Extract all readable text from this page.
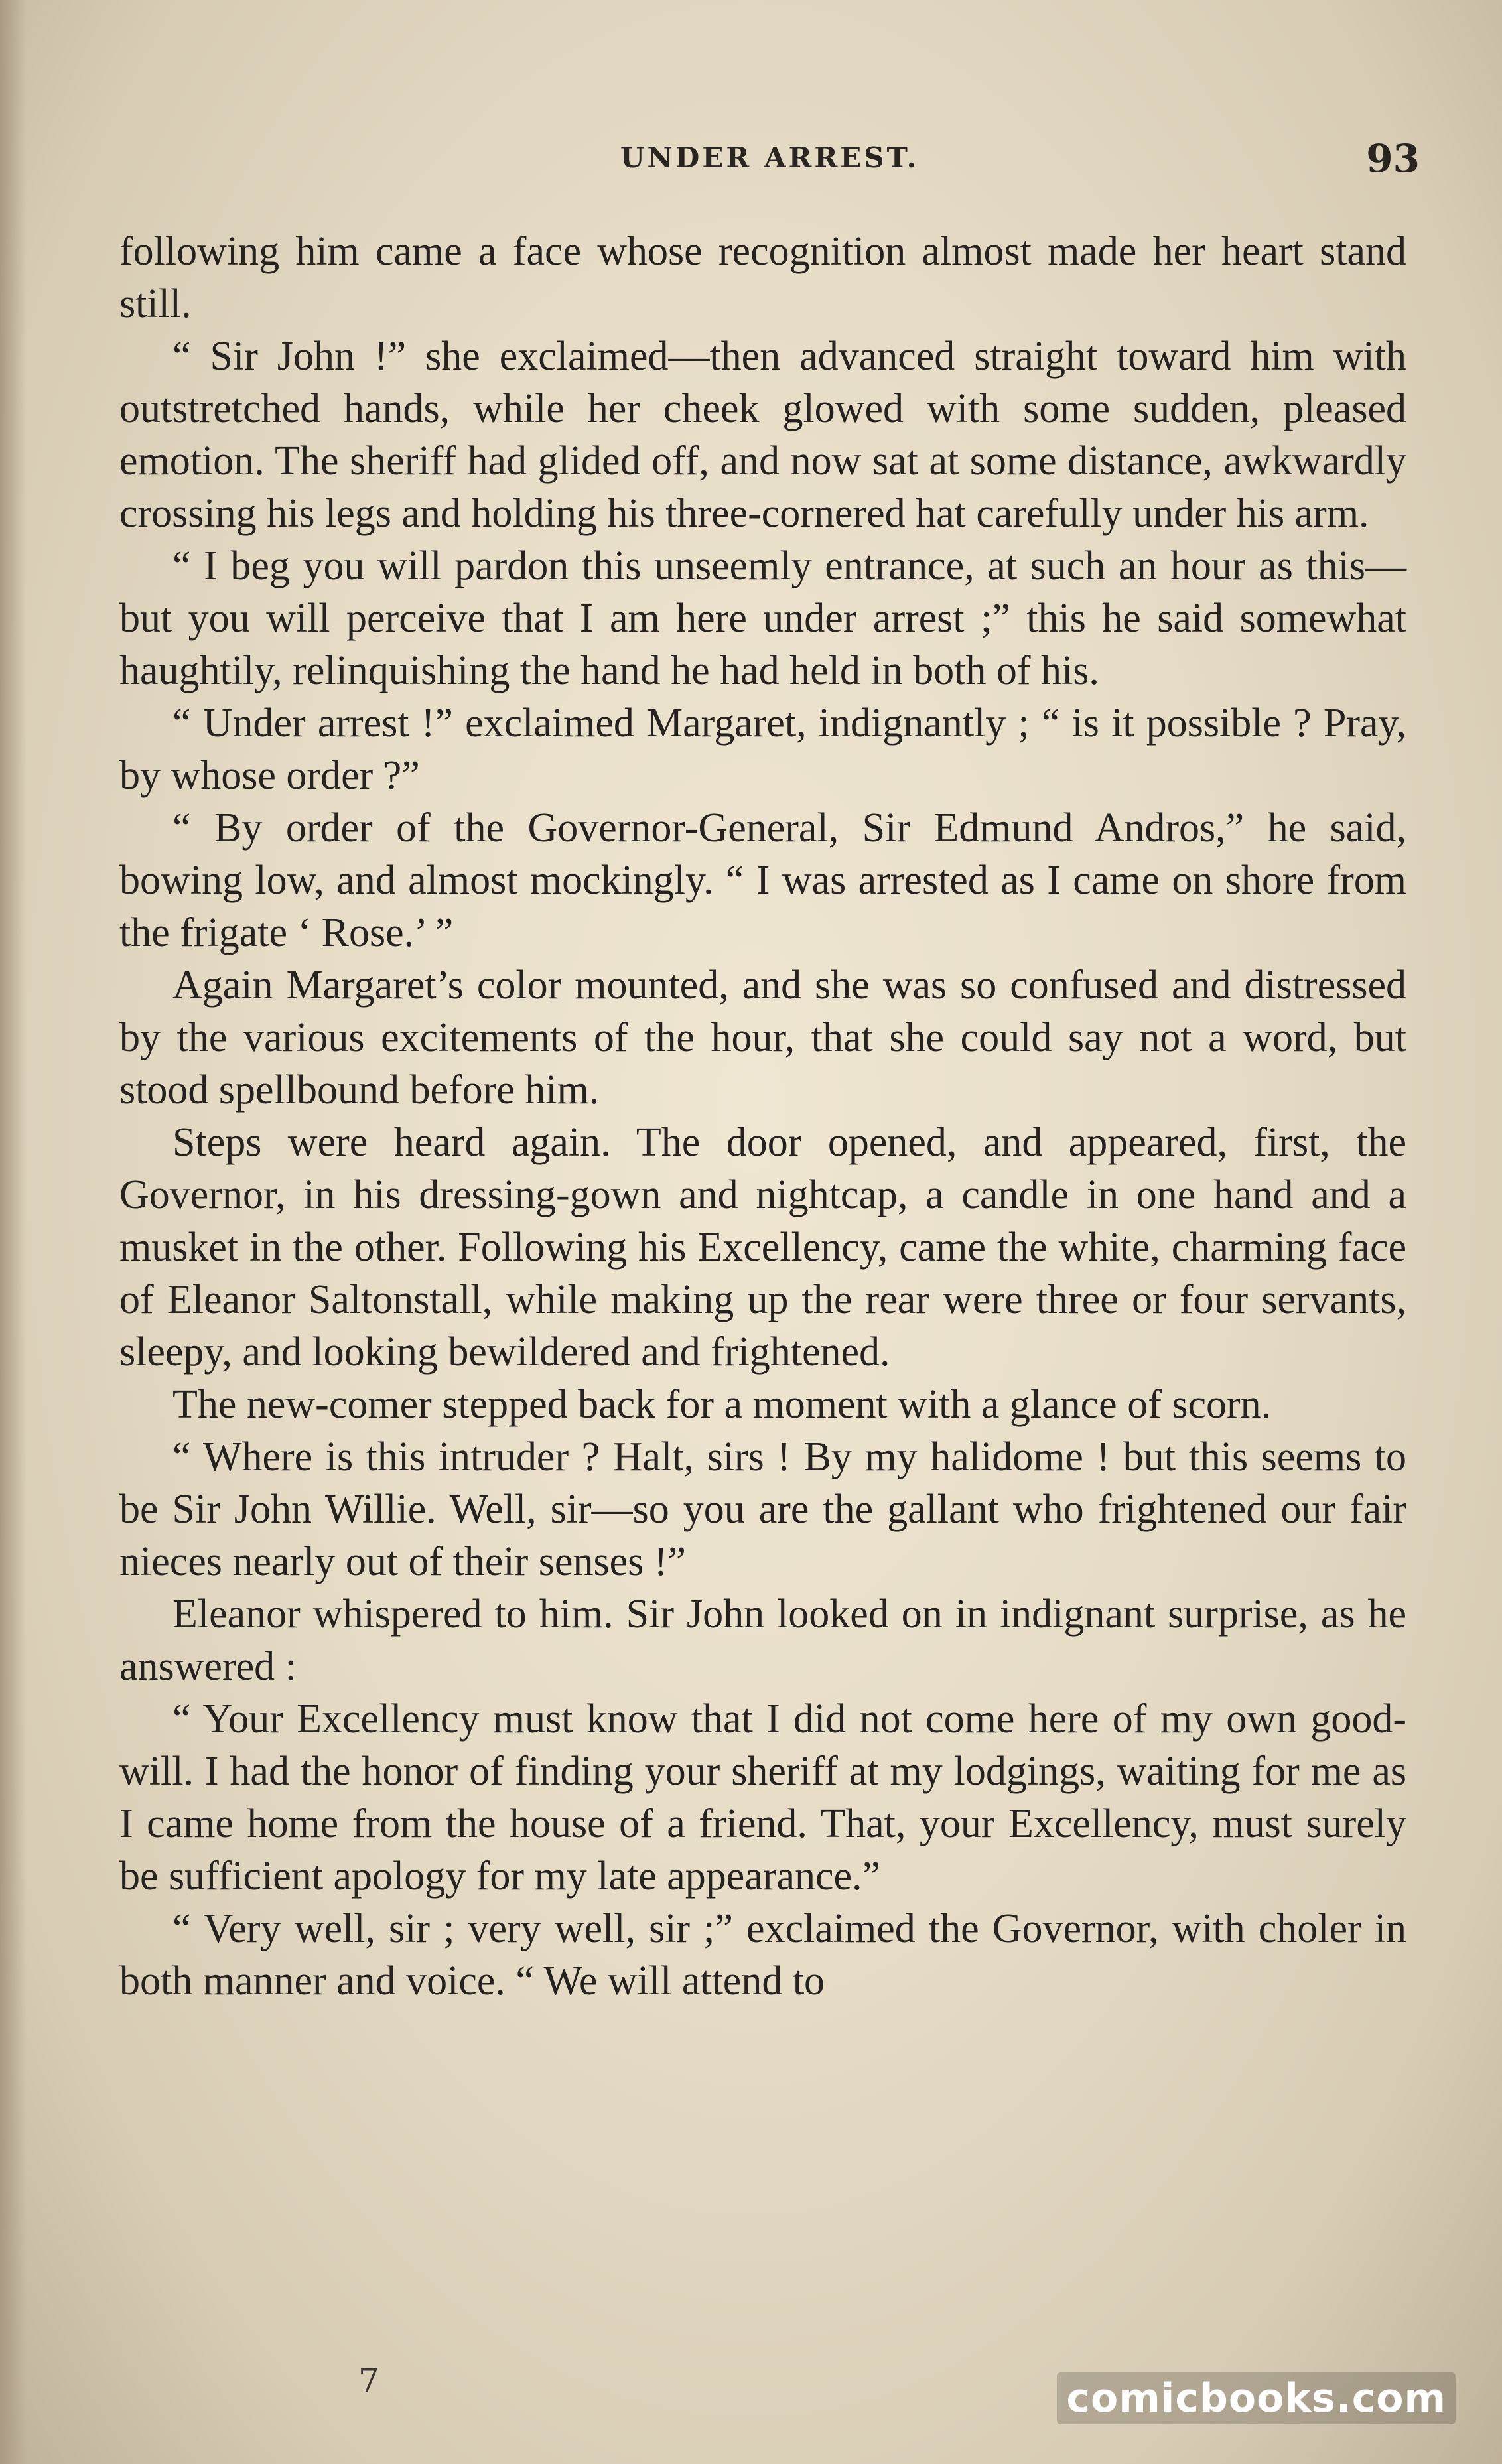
UNDER ARREST.	93

following him came a face whose recognition almost made her heart stand still.

“ Sir John !” she exclaimed—then advanced straight toward him with outstretched hands, while her cheek glowed with some sudden, pleased emotion. The sheriff had glided off, and now sat at some distance, awkwardly crossing his legs and holding his three-cornered hat carefully under his arm.

“ I beg you will pardon this unseemly entrance, at such an hour as this—but you will perceive that I am here under arrest ;” this he said somewhat haughtily, relinquishing the hand he had held in both of his.

“ Under arrest !” exclaimed Margaret, indignantly ; “ is it possible ? Pray, by whose order ?”

“ By order of the Governor-General, Sir Edmund Andros,” he said, bowing low, and almost mockingly. “ I was arrested as I came on shore from the frigate ‘ Rose.’ ”

Again Margaret’s color mounted, and she was so confused and distressed by the various excitements of the hour, that she could say not a word, but stood spellbound before him.

Steps were heard again. The door opened, and appeared, first, the Governor, in his dressing-gown and nightcap, a candle in one hand and a musket in the other. Following his Excellency, came the white, charming face of Eleanor Saltonstall, while making up the rear were three or four servants, sleepy, and looking bewildered and frightened.

The new-comer stepped back for a moment with a glance of scorn.

“ Where is this intruder ? Halt, sirs ! By my halidome ! but this seems to be Sir John Willie. Well, sir—so you are the gallant who frightened our fair nieces nearly out of their senses !”

Eleanor whispered to him. Sir John looked on in indignant surprise, as he answered :

“ Your Excellency must know that I did not come here of my own good-will. I had the honor of finding your sheriff at my lodgings, waiting for me as I came home from the house of a friend. That, your Excellency, must surely be sufficient apology for my late appearance.”

“ Very well, sir ; very well, sir ;” exclaimed the Governor, with choler in both manner and voice. “ We will attend to

7	comicbooks.com
